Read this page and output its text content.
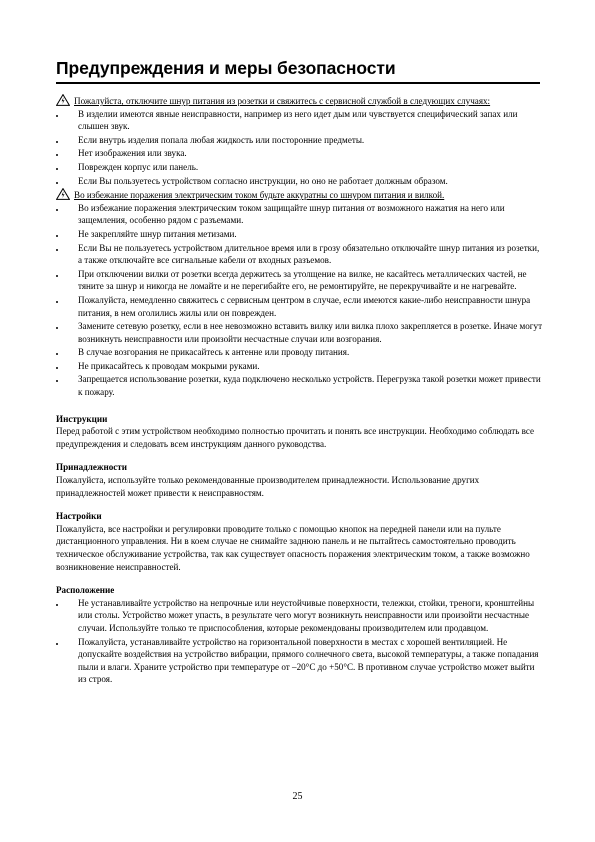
Предупреждения и меры безопасности
Пожалуйста, отключите шнур питания из розетки и свяжитесь с сервисной службой в следующих случаях:
В изделии имеются явные неисправности, например из него идет дым или чувствуется специфический запах или слышен звук.
Если внутрь изделия попала любая жидкость или посторонние предметы.
Нет изображения или звука.
Поврежден корпус или панель.
Если Вы пользуетесь устройством согласно инструкции, но оно не работает должным образом.
Во избежание поражения электрическим током будьте аккуратны со шнуром питания и вилкой.
Во избежание поражения электрическим током защищайте шнур питания от возможного нажатия на него или защемления, особенно рядом с разъемами.
Не закрепляйте шнур питания метизами.
Если Вы не пользуетесь устройством длительное время или в грозу обязательно отключайте шнур питания из розетки, а также отключайте все сигнальные кабели от входных разъемов.
При отключении вилки от розетки всегда держитесь за утолщение на вилке, не касайтесь металлических частей, не тяните за шнур и никогда не ломайте и не перегибайте его, не ремонтируйте, не перекручивайте и не нагревайте.
Пожалуйста, немедленно свяжитесь с сервисным центром в случае, если имеются какие-либо неисправности шнура питания, в нем оголились жилы или он поврежден.
Замените сетевую розетку, если в нее невозможно вставить вилку или вилка плохо закрепляется в розетке. Иначе могут возникнуть неисправности или произойти несчастные случаи или возгорания.
В случае возгорания не прикасайтесь к антенне или проводу питания.
Не прикасайтесь к проводам мокрыми руками.
Запрещается использование розетки, куда подключено несколько устройств. Перегрузка такой розетки может привести к пожару.
Инструкции

Перед работой с этим устройством необходимо полностью прочитать и понять все инструкции. Необходимо соблюдать все предупреждения и следовать всем инструкциям данного руководства.

Принадлежности

Пожалуйста, используйте только рекомендованные производителем принадлежности. Использование других принадлежностей может привести к неисправностям.

Настройки

Пожалуйста, все настройки и регулировки проводите только с помощью кнопок на передней панели или на пульте дистанционного управления. Ни в коем случае не снимайте заднюю панель и не пытайтесь самостоятельно проводить техническое обслуживание устройства, так как существует опасность поражения электрическим током, а также возможно возникновение неисправностей.

Расположение
Не устанавливайте устройство на непрочные или неустойчивые поверхности, тележки, стойки, треноги, кронштейны или столы. Устройство может упасть, в результате чего могут возникнуть неисправности или произойти несчастные случаи. Используйте только те приспособления, которые рекомендованы производителем или продавцом.
Пожалуйста, устанавливайте устройство на горизонтальной поверхности в местах с хорошей вентиляцией. Не допускайте воздействия на устройство вибрации, прямого солнечного света, высокой температуры, а также попадания пыли и влаги. Храните устройство при температуре от –20°C до +50°C. В противном случае устройство может выйти из строя.
25
